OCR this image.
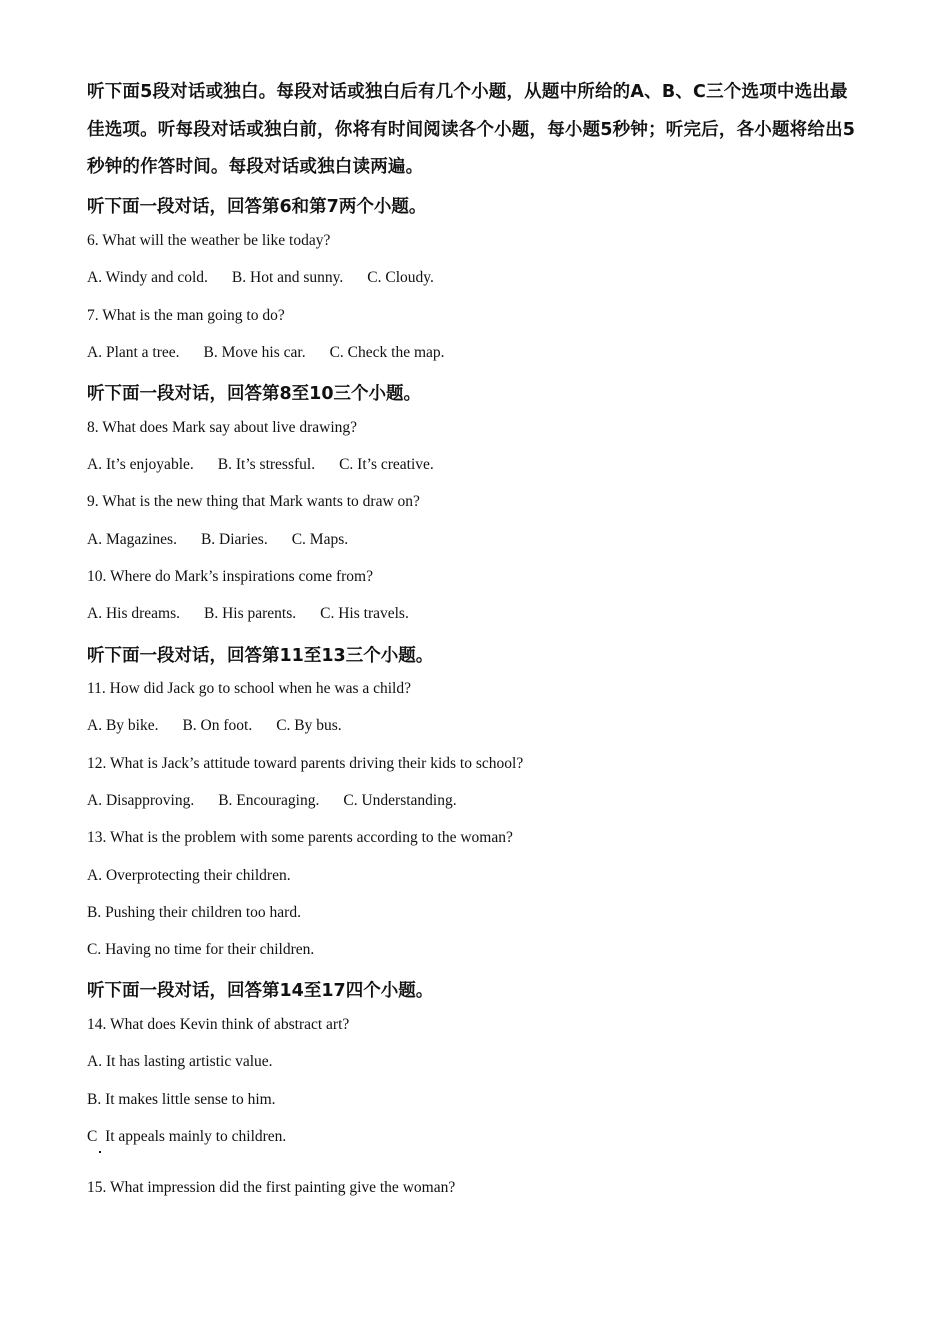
听下面5段对话或独白。每段对话或独白后有几个小题，从题中所给的A、B、C三个选项中选出最佳选项。听每段对话或独白前，你将有时间阅读各个小题，每小题5秒钟；听完后，各小题将给出5秒钟的作答时间。每段对话或独白读两遍。
听下面一段对话，回答第6和第7两个小题。
6. What will the weather be like today?
A. Windy and cold. B. Hot and sunny. C. Cloudy.
7. What is the man going to do?
A. Plant a tree. B. Move his car. C. Check the map.
听下面一段对话，回答第8至10三个小题。
8. What does Mark say about live drawing?
A. It’s enjoyable. B. It’s stressful. C. It’s creative.
9. What is the new thing that Mark wants to draw on?
A. Magazines. B. Diaries. C. Maps.
10. Where do Mark’s inspirations come from?
A. His dreams. B. His parents. C. His travels.
听下面一段对话，回答第11至13三个小题。
11. How did Jack go to school when he was a child?
A. By bike. B. On foot. C. By bus.
12. What is Jack’s attitude toward parents driving their kids to school?
A. Disapproving. B. Encouraging. C. Understanding.
13. What is the problem with some parents according to the woman?
A. Overprotecting their children.
B. Pushing their children too hard.
C. Having no time for their children.
听下面一段对话，回答第14至17四个小题。
14. What does Kevin think of abstract art?
A. It has lasting artistic value.
B. It makes little sense to him.
C  It appeals mainly to children.
15. What impression did the first painting give the woman?
